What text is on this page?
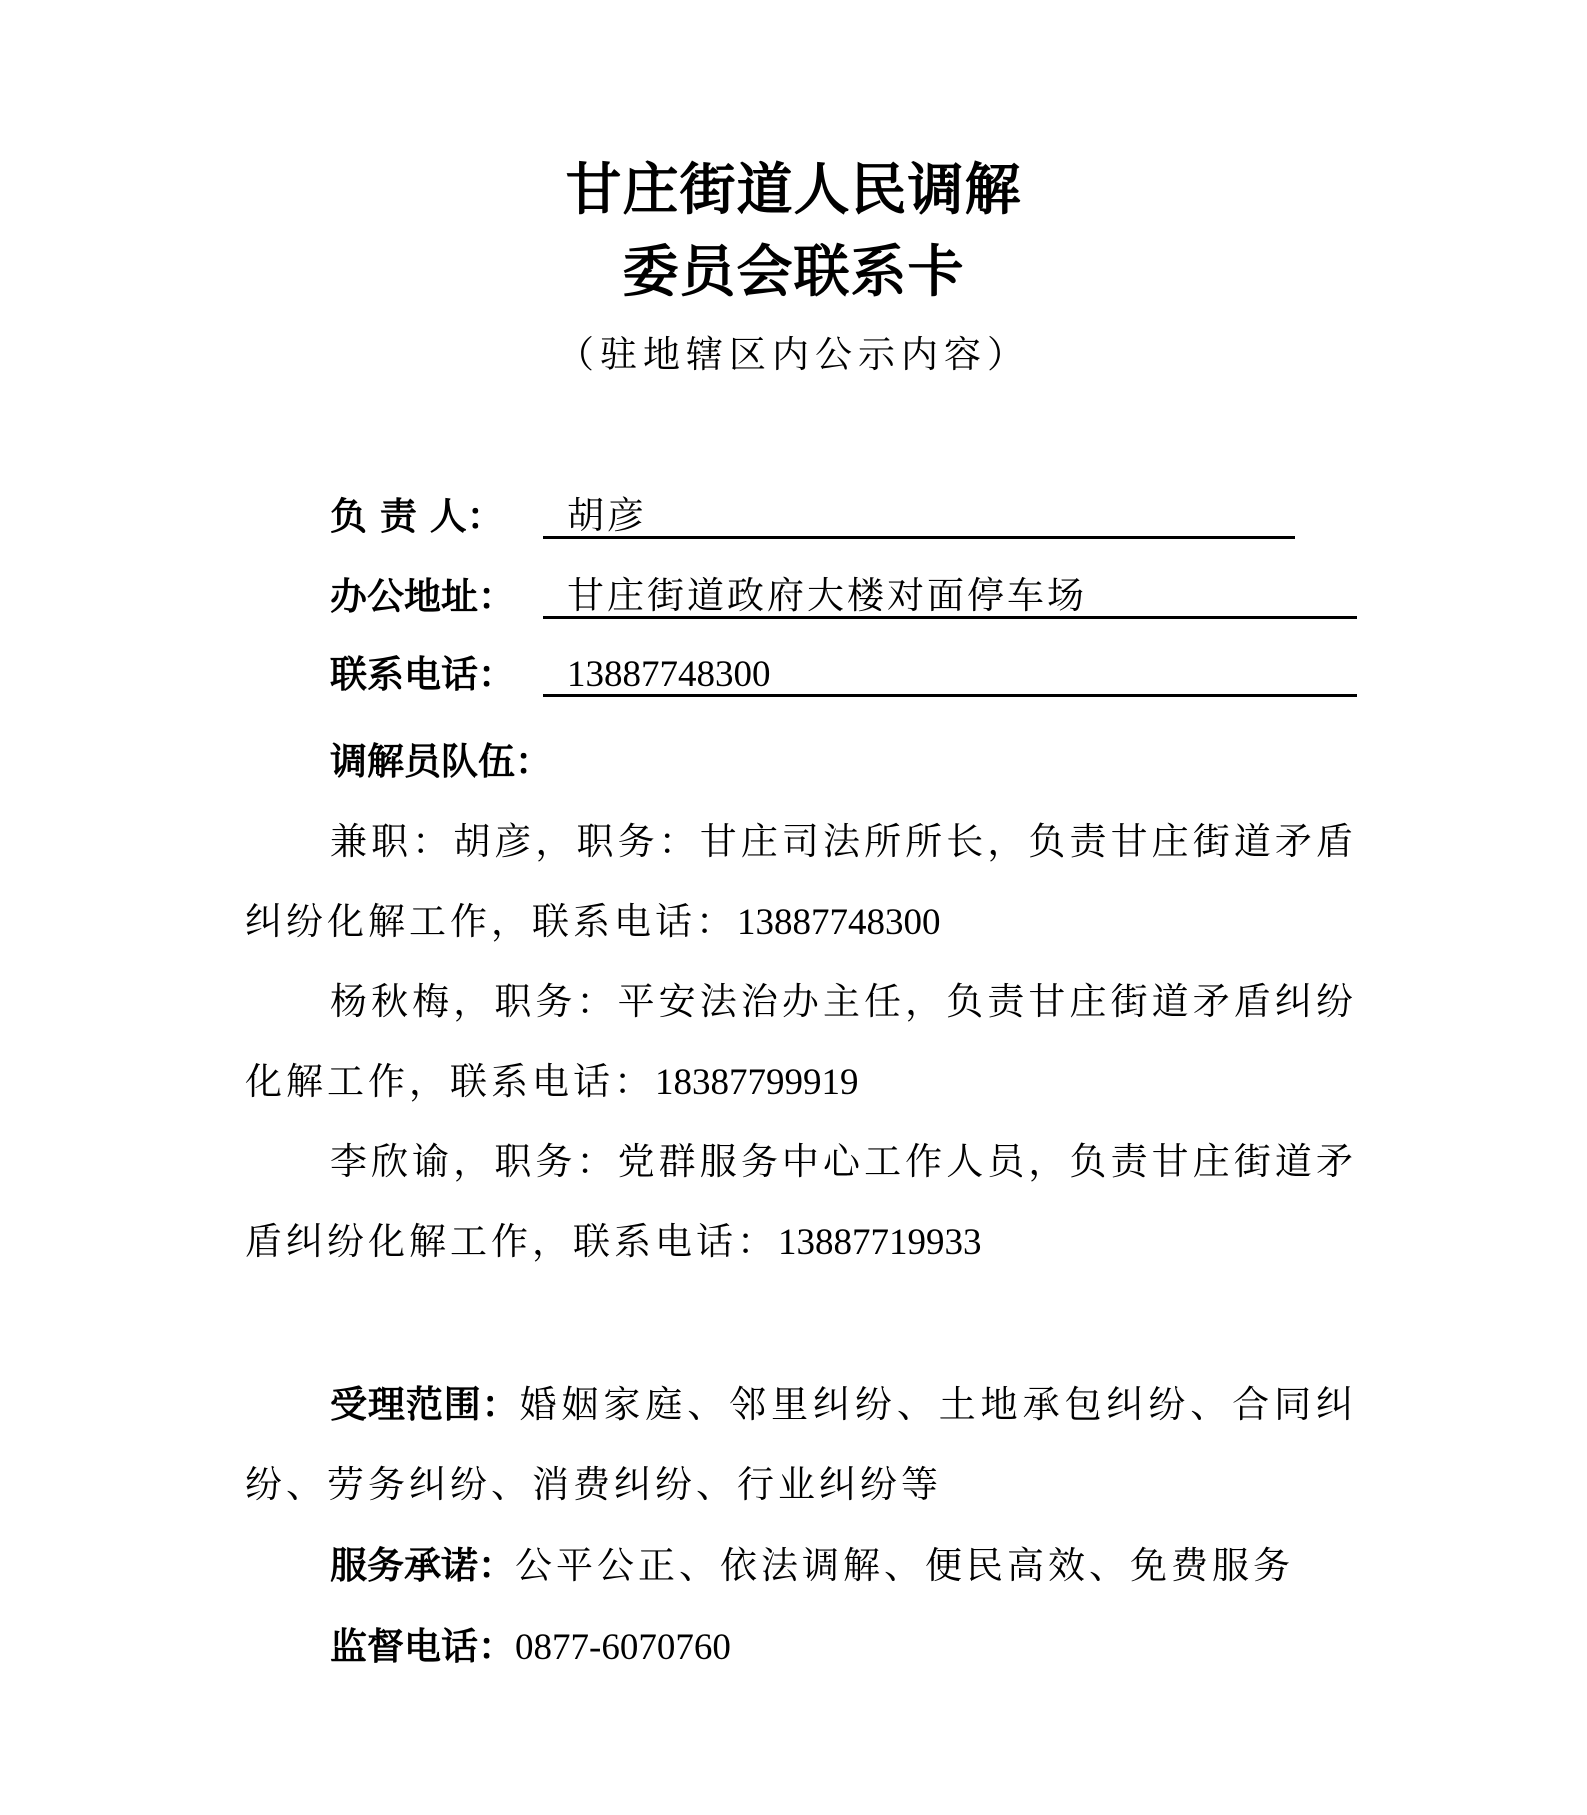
甘庄街道人民调解
委员会联系卡
（驻地辖区内公示内容）
负 责 人： 胡彦
办公地址： 甘庄街道政府大楼对面停车场
联系电话： 13887748300

调解员队伍：

兼职：胡彦，职务：甘庄司法所所长，负责甘庄街道矛盾纠纷化解工作，联系电话：13887748300

杨秋梅，职务：平安法治办主任，负责甘庄街道矛盾纠纷化解工作，联系电话：18387799919

李欣谕，职务：党群服务中心工作人员，负责甘庄街道矛盾纠纷化解工作，联系电话：13887719933

受理范围：婚姻家庭、邻里纠纷、土地承包纠纷、合同纠纷、劳务纠纷、消费纠纷、行业纠纷等

服务承诺：公平公正、依法调解、便民高效、免费服务

监督电话：0877-6070760
